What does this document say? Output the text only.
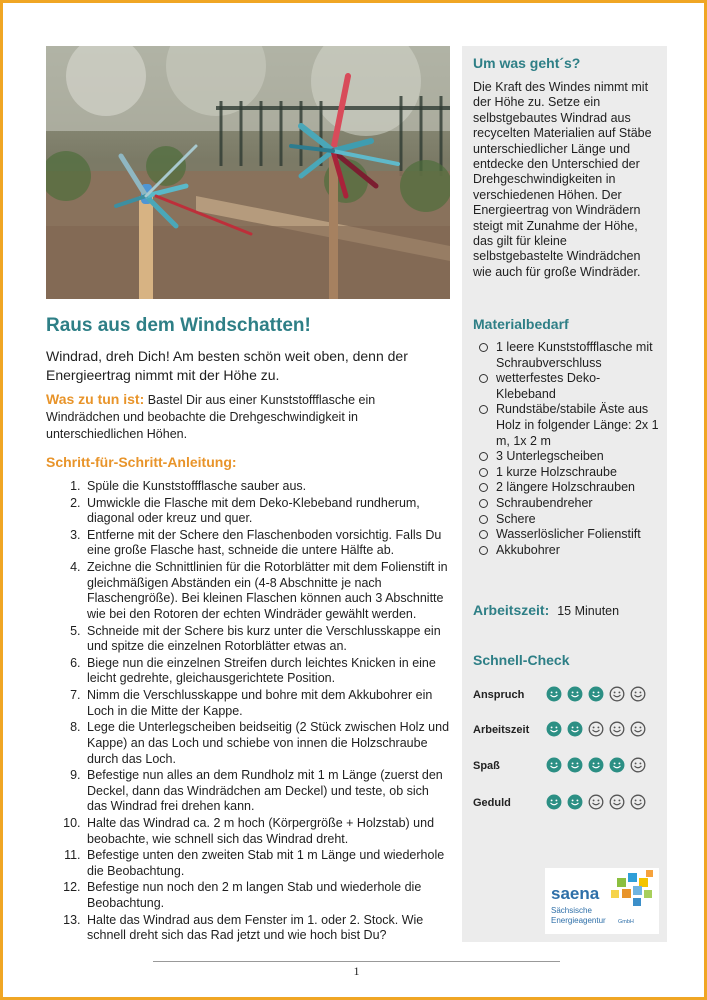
Raus aus dem Windschatten!
Windrad, dreh Dich! Am besten schön weit oben, denn der Energieertrag nimmt mit der Höhe zu.
Was zu tun ist: Bastel Dir aus einer Kunststoffflasche ein Windrädchen und beobachte die Drehgeschwindigkeit in unterschiedlichen Höhen.
Schritt-für-Schritt-Anleitung:
1. Spüle die Kunststoffflasche sauber aus.
2. Umwickle die Flasche mit dem Deko-Klebeband rundherum, diagonal oder kreuz und quer.
3. Entferne mit der Schere den Flaschenboden vorsichtig. Falls Du eine große Flasche hast, schneide die untere Hälfte ab.
4. Zeichne die Schnittlinien für die Rotorblätter mit dem Folienstift in gleichmäßigen Abständen ein (4-8 Abschnitte je nach Flaschengröße). Bei kleinen Flaschen können auch 3 Abschnitte wie bei den Rotoren der echten Windräder gewählt werden.
5. Schneide mit der Schere bis kurz unter die Verschlusskappe ein und spitze die einzelnen Rotorblätter etwas an.
6. Biege nun die einzelnen Streifen durch leichtes Knicken in eine leicht gedrehte, gleichausgerichtete Position.
7. Nimm die Verschlusskappe und bohre mit dem Akkubohrer ein Loch in die Mitte der Kappe.
8. Lege die Unterlegscheiben beidseitig (2 Stück zwischen Holz und Kappe) an das Loch und schiebe von innen die Holzschraube durch das Loch.
9. Befestige nun alles an dem Rundholz mit 1 m Länge (zuerst den Deckel, dann das Windrädchen am Deckel) und teste, ob sich das Windrad frei drehen kann.
10. Halte das Windrad ca. 2 m hoch (Körpergröße + Holzstab) und beobachte, wie schnell sich das Windrad dreht.
11. Befestige unten den zweiten Stab mit 1 m Länge und wiederhole die Beobachtung.
12. Befestige nun noch den 2 m langen Stab und wiederhole die Beobachtung.
13. Halte das Windrad aus dem Fenster im 1. oder 2. Stock. Wie schnell dreht sich das Rad jetzt und wie hoch bist Du?
Um was geht´s?
Die Kraft des Windes nimmt mit der Höhe zu. Setze ein selbstgebautes Windrad aus recycelten Materialien auf Stäbe unterschiedlicher Länge und entdecke den Unterschied der Drehgeschwindigkeiten in verschiedenen Höhen. Der Energieertrag von Windrädern steigt mit Zunahme der Höhe, das gilt für kleine selbstgebastelte Windrädchen wie auch für große Windräder.
Materialbedarf
1 leere Kunststoffflasche mit Schraubverschluss
wetterfestes Deko-Klebeband
Rundstäbe/stabile Äste aus Holz in folgender Länge: 2x 1 m, 1x 2 m
3 Unterlegscheiben
1 kurze Holzschraube
2 längere Holzschrauben
Schraubendreher
Schere
Wasserlöslicher Folienstift
Akkubohrer
Arbeitszeit: 15 Minuten
Schnell-Check
Anspruch
Arbeitszeit
Spaß
Geduld
saena
Sächsische
Energieagentur GmbH
1
